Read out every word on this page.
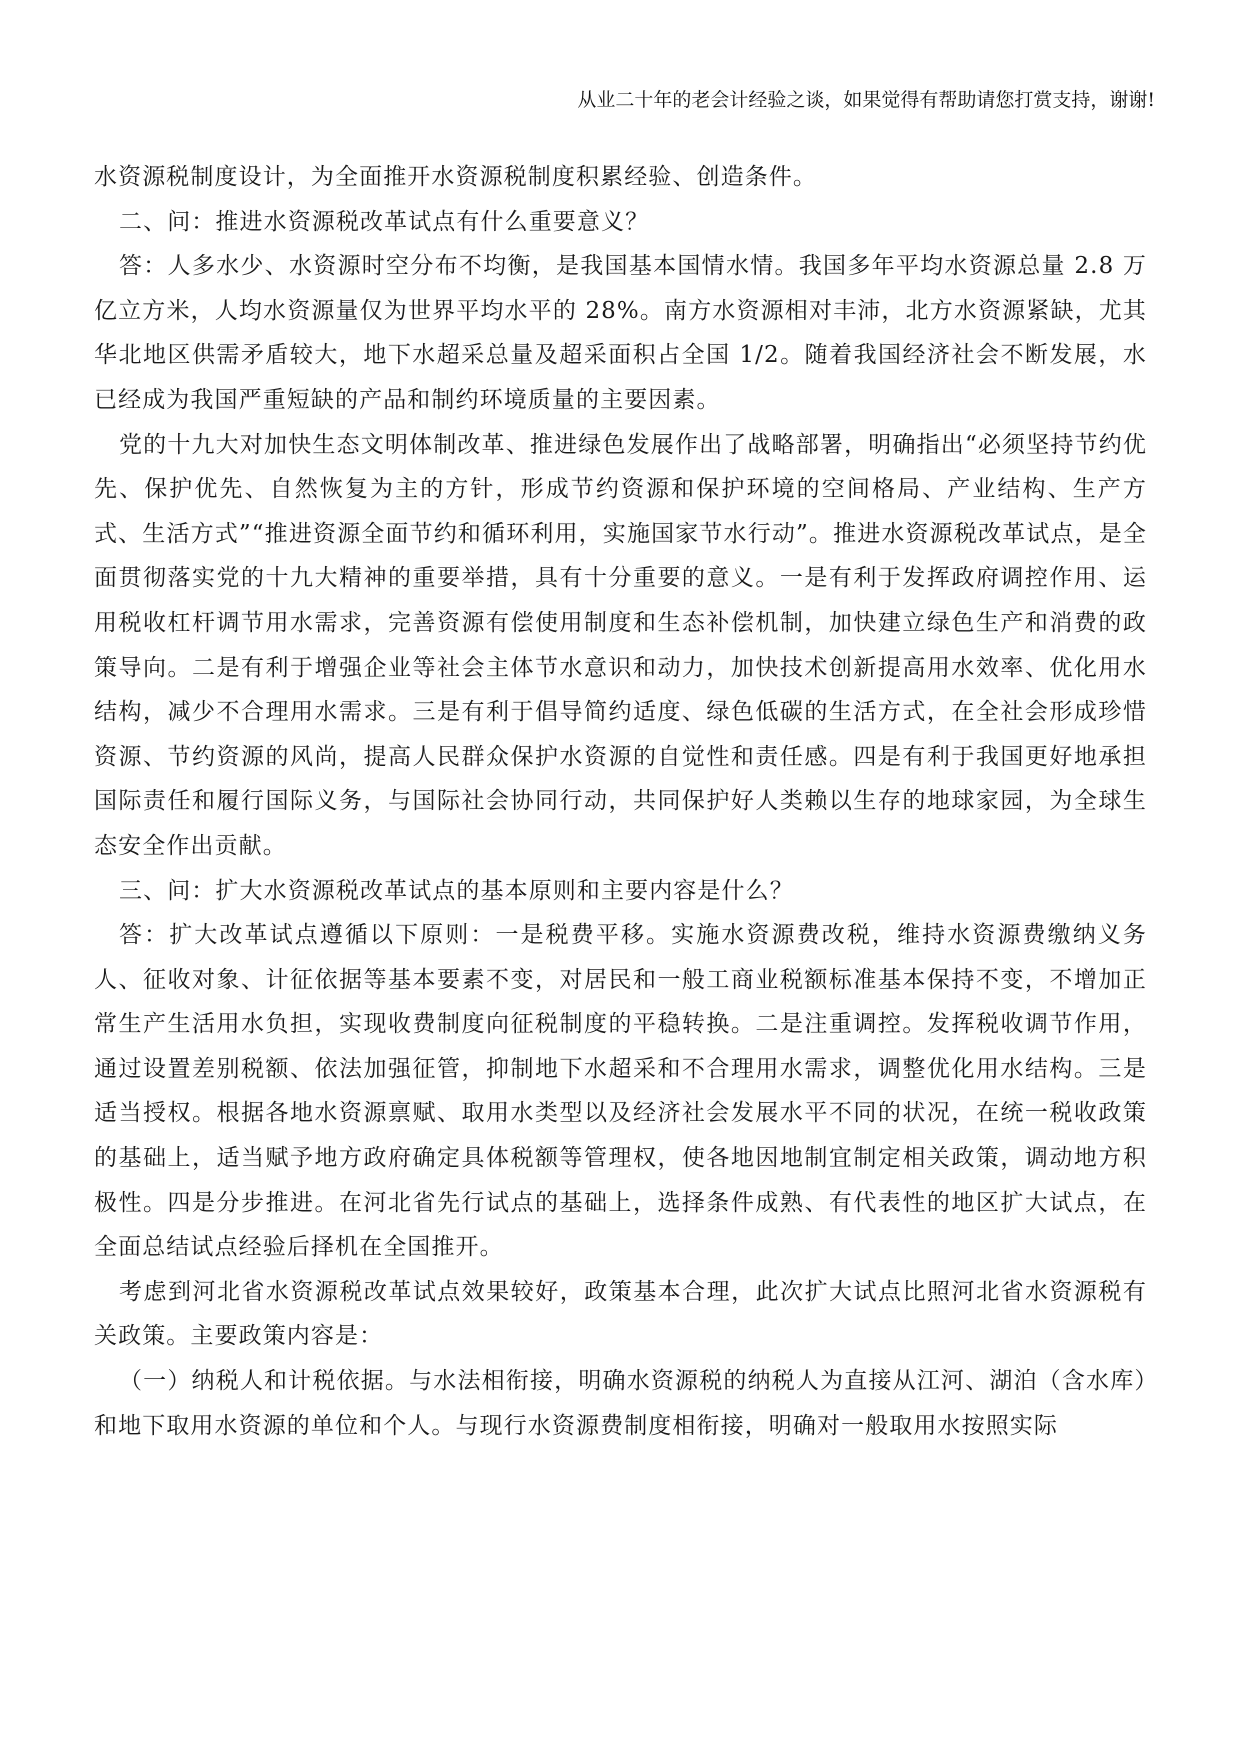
从业二十年的老会计经验之谈，如果觉得有帮助请您打赏支持，谢谢!

水资源税制度设计，为全面推开水资源税制度积累经验、创造条件。

二、问：推进水资源税改革试点有什么重要意义？

答：人多水少、水资源时空分布不均衡，是我国基本国情水情。我国多年平均水资源总量 2.8 万亿立方米，人均水资源量仅为世界平均水平的 28%。南方水资源相对丰沛，北方水资源紧缺，尤其华北地区供需矛盾较大，地下水超采总量及超采面积占全国 1/2。随着我国经济社会不断发展，水已经成为我国严重短缺的产品和制约环境质量的主要因素。

党的十九大对加快生态文明体制改革、推进绿色发展作出了战略部署，明确指出“必须坚持节约优先、保护优先、自然恢复为主的方针，形成节约资源和保护环境的空间格局、产业结构、生产方式、生活方式”“推进资源全面节约和循环利用，实施国家节水行动”。推进水资源税改革试点，是全面贯彻落实党的十九大精神的重要举措，具有十分重要的意义。一是有利于发挥政府调控作用、运用税收杠杆调节用水需求，完善资源有偿使用制度和生态补偿机制，加快建立绿色生产和消费的政策导向。二是有利于增强企业等社会主体节水意识和动力，加快技术创新提高用水效率、优化用水结构，减少不合理用水需求。三是有利于倡导简约适度、绿色低碳的生活方式，在全社会形成珍惜资源、节约资源的风尚，提高人民群众保护水资源的自觉性和责任感。四是有利于我国更好地承担国际责任和履行国际义务，与国际社会协同行动，共同保护好人类赖以生存的地球家园，为全球生态安全作出贡献。

三、问：扩大水资源税改革试点的基本原则和主要内容是什么？

答：扩大改革试点遵循以下原则：一是税费平移。实施水资源费改税，维持水资源费缴纳义务人、征收对象、计征依据等基本要素不变，对居民和一般工商业税额标准基本保持不变，不增加正常生产生活用水负担，实现收费制度向征税制度的平稳转换。二是注重调控。发挥税收调节作用，通过设置差别税额、依法加强征管，抑制地下水超采和不合理用水需求，调整优化用水结构。三是适当授权。根据各地水资源禀赋、取用水类型以及经济社会发展水平不同的状况，在统一税收政策的基础上，适当赋予地方政府确定具体税额等管理权，使各地因地制宜制定相关政策，调动地方积极性。四是分步推进。在河北省先行试点的基础上，选择条件成熟、有代表性的地区扩大试点，在全面总结试点经验后择机在全国推开。

考虑到河北省水资源税改革试点效果较好，政策基本合理，此次扩大试点比照河北省水资源税有关政策。主要政策内容是：

（一）纳税人和计税依据。与水法相衔接，明确水资源税的纳税人为直接从江河、湖泊（含水库）和地下取用水资源的单位和个人。与现行水资源费制度相衔接，明确对一般取用水按照实际
